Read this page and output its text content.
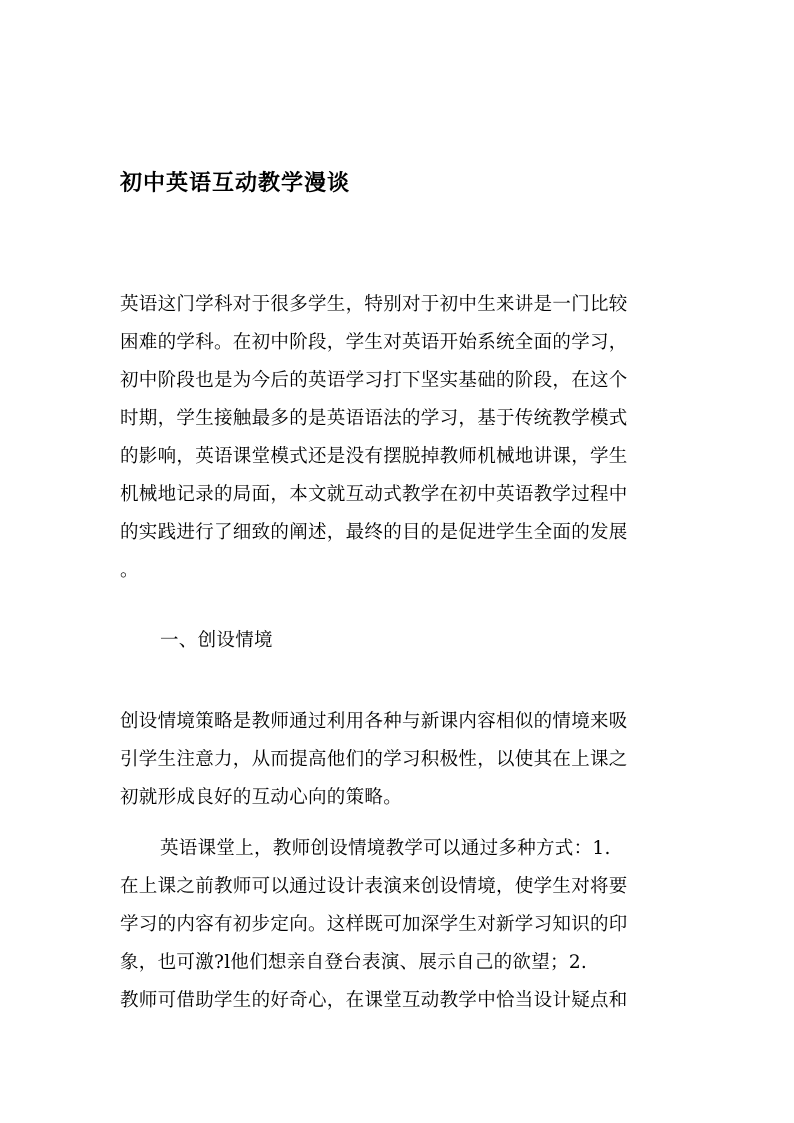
初中英语互动教学漫谈
英语这门学科对于很多学生，特别对于初中生来讲是一门比较
困难的学科。在初中阶段，学生对英语开始系统全面的学习，
初中阶段也是为今后的英语学习打下坚实基础的阶段，在这个
时期，学生接触最多的是英语语法的学习，基于传统教学模式
的影响，英语课堂模式还是没有摆脱掉教师机械地讲课，学生
机械地记录的局面，本文就互动式教学在初中英语教学过程中
的实践进行了细致的阐述，最终的目的是促进学生全面的发展
。
一、创设情境
创设情境策略是教师通过利用各种与新课内容相似的情境来吸
引学生注意力，从而提高他们的学习积极性，以使其在上课之
初就形成良好的互动心向的策略。
英语课堂上，教师创设情境教学可以通过多种方式：1.
在上课之前教师可以通过设计表演来创设情境，使学生对将要
学习的内容有初步定向。这样既可加深学生对新学习知识的印
象，也可激?l他们想亲自登台表演、展示自己的欲望；2.
教师可借助学生的好奇心，在课堂互动教学中恰当设计疑点和
